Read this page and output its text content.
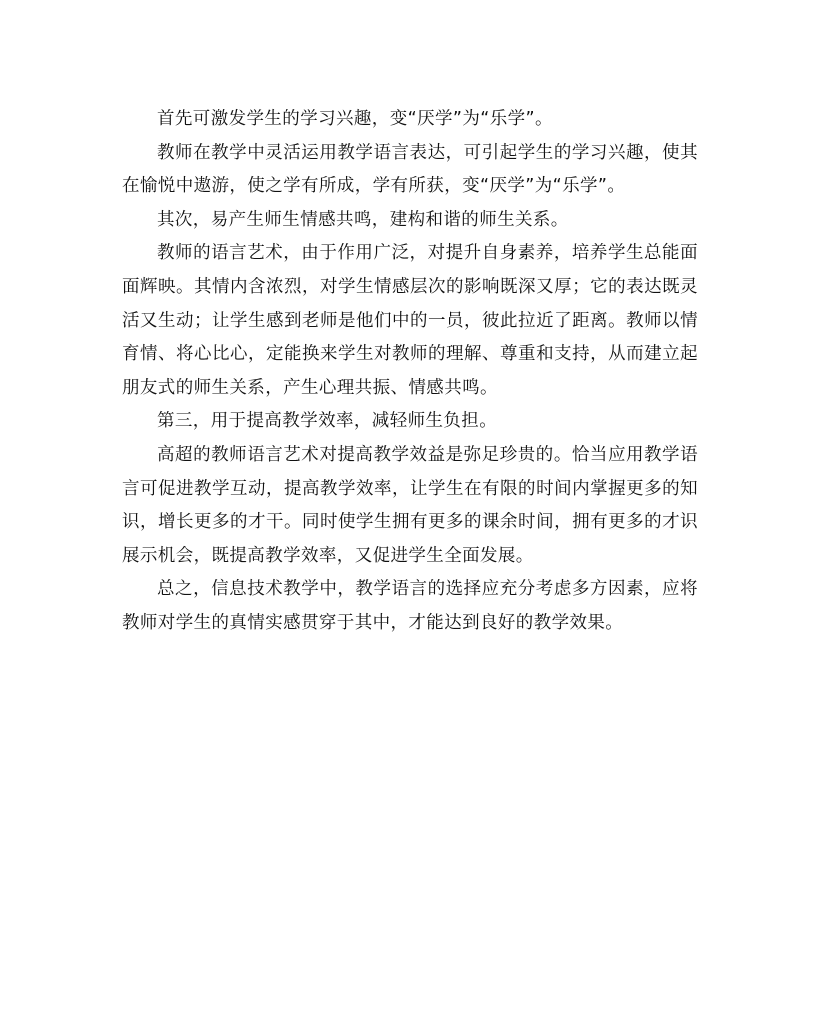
首先可激发学生的学习兴趣，变“厌学”为“乐学”。

教师在教学中灵活运用教学语言表达，可引起学生的学习兴趣，使其在愉悦中遨游，使之学有所成，学有所获，变“厌学”为“乐学”。

其次，易产生师生情感共鸣，建构和谐的师生关系。

教师的语言艺术，由于作用广泛，对提升自身素养，培养学生总能面面辉映。其情内含浓烈，对学生情感层次的影响既深又厚；它的表达既灵活又生动；让学生感到老师是他们中的一员，彼此拉近了距离。教师以情育情、将心比心，定能换来学生对教师的理解、尊重和支持，从而建立起朋友式的师生关系，产生心理共振、情感共鸣。

第三，用于提高教学效率，减轻师生负担。

高超的教师语言艺术对提高教学效益是弥足珍贵的。恰当应用教学语言可促进教学互动，提高教学效率，让学生在有限的时间内掌握更多的知识，增长更多的才干。同时使学生拥有更多的课余时间，拥有更多的才识展示机会，既提高教学效率，又促进学生全面发展。

总之，信息技术教学中，教学语言的选择应充分考虑多方因素，应将教师对学生的真情实感贯穿于其中，才能达到良好的教学效果。
